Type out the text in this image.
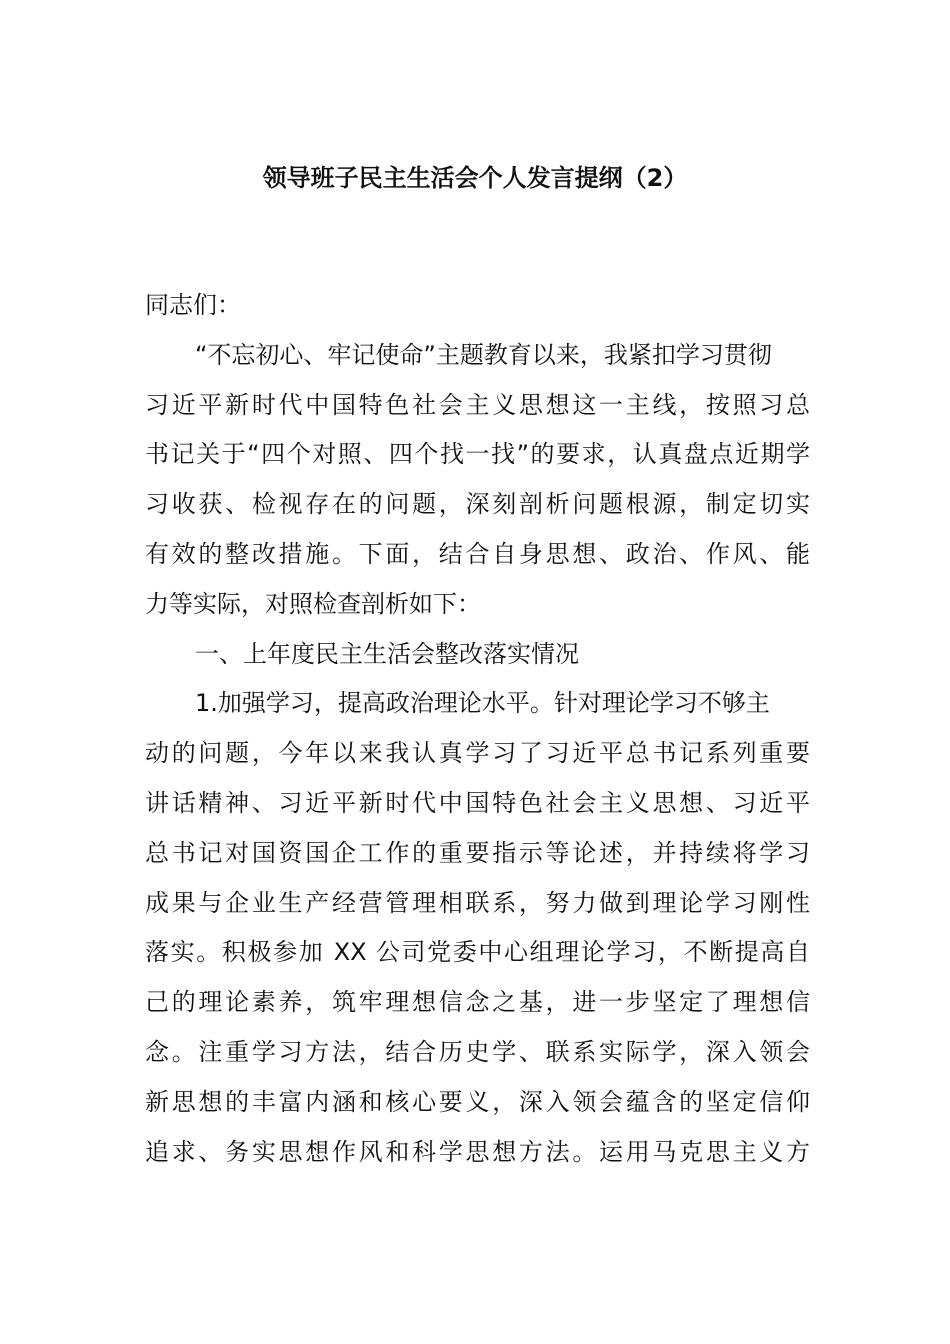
领导班子民主生活会个人发言提纲（2）
同志们：
“不忘初心、牢记使命”主题教育以来，我紧扣学习贯彻
习近平新时代中国特色社会主义思想这一主线，按照习总
书记关于“四个对照、四个找一找”的要求，认真盘点近期学
习收获、检视存在的问题，深刻剖析问题根源，制定切实
有效的整改措施。下面，结合自身思想、政治、作风、能
力等实际，对照检查剖析如下：
一、上年度民主生活会整改落实情况
1.加强学习，提高政治理论水平。针对理论学习不够主
动的问题，今年以来我认真学习了习近平总书记系列重要
讲话精神、习近平新时代中国特色社会主义思想、习近平
总书记对国资国企工作的重要指示等论述，并持续将学习
成果与企业生产经营管理相联系，努力做到理论学习刚性
落实。积极参加 XX 公司党委中心组理论学习，不断提高自
己的理论素养，筑牢理想信念之基，进一步坚定了理想信
念。注重学习方法，结合历史学、联系实际学，深入领会
新思想的丰富内涵和核心要义，深入领会蕴含的坚定信仰
追求、务实思想作风和科学思想方法。运用马克思主义方
